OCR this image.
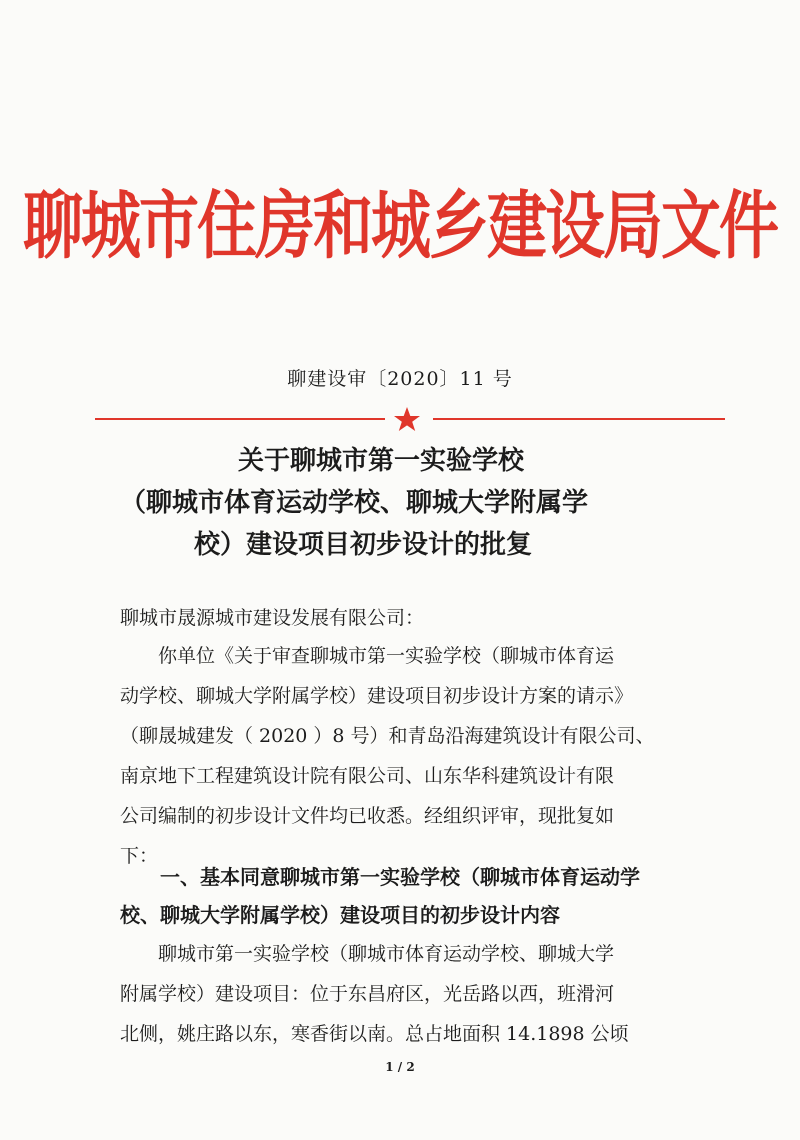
聊城市住房和城乡建设局文件
聊建设审〔2020〕11 号
关于聊城市第一实验学校
（聊城市体育运动学校、聊城大学附属学
校）建设项目初步设计的批复
聊城市晟源城市建设发展有限公司：
　　你单位《关于审查聊城市第一实验学校（聊城市体育运
动学校、聊城大学附属学校）建设项目初步设计方案的请示》
（聊晟城建发（ 2020 ）8 号）和青岛沿海建筑设计有限公司、
南京地下工程建筑设计院有限公司、山东华科建筑设计有限
公司编制的初步设计文件均已收悉。经组织评审，现批复如
下：
　　一、基本同意聊城市第一实验学校（聊城市体育运动学
校、聊城大学附属学校）建设项目的初步设计内容
　　聊城市第一实验学校（聊城市体育运动学校、聊城大学
附属学校）建设项目：位于东昌府区，光岳路以西，班滑河
北侧，姚庄路以东，寒香街以南。总占地面积 14.1898 公顷
1 / 2
